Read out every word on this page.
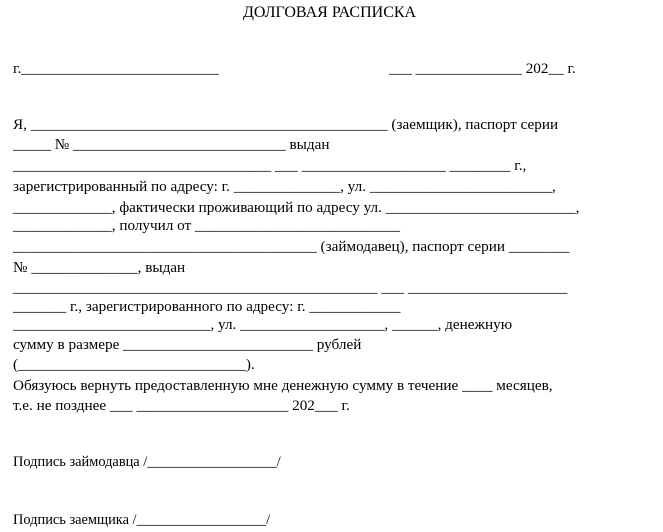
ДОЛГОВАЯ РАСПИСКА
г.__________________________	___ ______________ 202__ г.
Я, _______________________________________________ (заемщик), паспорт серии
_____ № ____________________________ выдан
__________________________________ ___ ___________________ ________ г.,
зарегистрированный по адресу: г. ______________, ул. ________________________,
_____________, фактически проживающий по адресу ул. _________________________,
_____________, получил от ___________________________
________________________________________ (займодавец), паспорт серии ________
№ ______________, выдан
________________________________________________ ___ _____________________
_______ г., зарегистрированного по адресу: г. ____________
__________________________, ул. ___________________, ______, денежную
сумму в размере _________________________ рублей
(______________________________).
Обязуюсь вернуть предоставленную мне денежную сумму в течение ____ месяцев,
т.е. не позднее ___ ____________________ 202___ г.
Подпись займодавца /__________________/
Подпись заемщика /__________________/
